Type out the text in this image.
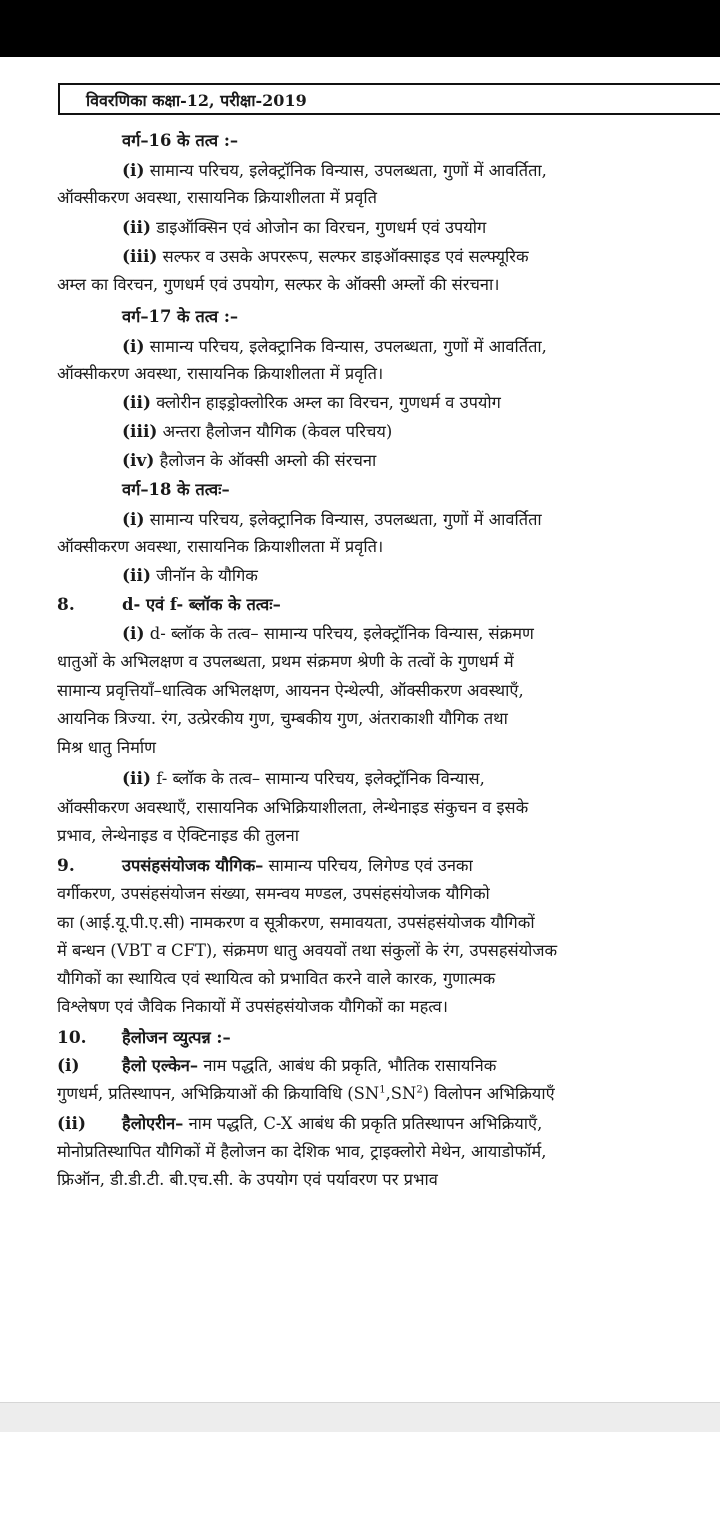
विवरणिका कक्षा-12, परीक्षा-2019
वर्ग–16 के तत्व :–
(i) सामान्य परिचय, इलेक्ट्रॉनिक विन्यास, उपलब्धता, गुणों में आवर्तिता,
ऑक्सीकरण अवस्था, रासायनिक क्रियाशीलता में प्रवृति
(ii) डाइऑक्सिन एवं ओजोन का विरचन, गुणधर्म एवं उपयोग
(iii) सल्फर व उसके अपररूप, सल्फर डाइऑक्साइड एवं सल्फ्यूरिक
अम्ल का विरचन, गुणधर्म एवं उपयोग, सल्फर के ऑक्सी अम्लों की संरचना।
वर्ग–17 के तत्व :–
(i) सामान्य परिचय, इलेक्ट्रानिक विन्यास, उपलब्धता, गुणों में आवर्तिता,
ऑक्सीकरण अवस्था, रासायनिक क्रियाशीलता में प्रवृति।
(ii) क्लोरीन हाइड्रोक्लोरिक अम्ल का विरचन, गुणधर्म व उपयोग
(iii) अन्तरा हैलोजन यौगिक (केवल परिचय)
(iv) हैलोजन के ऑक्सी अम्लो की संरचना
वर्ग–18 के तत्वः–
(i) सामान्य परिचय, इलेक्ट्रानिक विन्यास, उपलब्धता, गुणों में आवर्तिता
ऑक्सीकरण अवस्था, रासायनिक क्रियाशीलता में प्रवृति।
(ii) जीनॉन के यौगिक
8.	d- एवं f- ब्लॉक के तत्वः–
(i) d- ब्लॉक के तत्व– सामान्य परिचय, इलेक्ट्रॉनिक विन्यास, संक्रमण
धातुओं के अभिलक्षण व उपलब्धता, प्रथम संक्रमण श्रेणी के तत्वों के गुणधर्म में
सामान्य प्रवृत्तियाँ–धात्विक अभिलक्षण, आयनन ऐन्थेल्पी, ऑक्सीकरण अवस्थाएँ,
आयनिक त्रिज्या. रंग, उत्प्रेरकीय गुण, चुम्बकीय गुण, अंतराकाशी यौगिक तथा
मिश्र धातु निर्माण
(ii) f- ब्लॉक के तत्व– सामान्य परिचय, इलेक्ट्रॉनिक विन्यास,
ऑक्सीकरण अवस्थाएँ, रासायनिक अभिक्रियाशीलता, लेन्थेनाइड संकुचन व इसके
प्रभाव, लेन्थेनाइड व ऐक्टिनाइड की तुलना
9.	उपसंहसंयोजक यौगिक– सामान्य परिचय, लिगेण्ड एवं उनका
वर्गीकरण, उपसंहसंयोजन संख्या, समन्वय मण्डल, उपसंहसंयोजक यौगिको
का (आई.यू.पी.ए.सी) नामकरण व सूत्रीकरण, समावयता, उपसंहसंयोजक यौगिकों
में बन्धन (VBT व CFT), संक्रमण धातु अवयवों तथा संकुलों के रंग, उपसहसंयोजक
यौगिकों का स्थायित्व एवं स्थायित्व को प्रभावित करने वाले कारक, गुणात्मक
विश्लेषण एवं जैविक निकायों में उपसंहसंयोजक यौगिकों का महत्व।
10. हैलोजन व्युत्पन्न :–
(i)	हैलो एल्केन– नाम पद्धति, आबंध की प्रकृति, भौतिक रासायनिक
गुणधर्म, प्रतिस्थापन, अभिक्रियाओं की क्रियाविधि $(SN^1,SN^2)$ विलोपन अभिक्रियाएँ
(ii) हैलोएरीन– नाम पद्धति, C-X आबंध की प्रकृति प्रतिस्थापन अभिक्रियाएँ,
मोनोप्रतिस्थापित यौगिकों में हैलोजन का देशिक भाव, ट्राइक्लोरो मेथेन, आयाडोफॉर्म,
फ्रिऑन, डी.डी.टी. बी.एच.सी. के उपयोग एवं पर्यावरण पर प्रभाव
